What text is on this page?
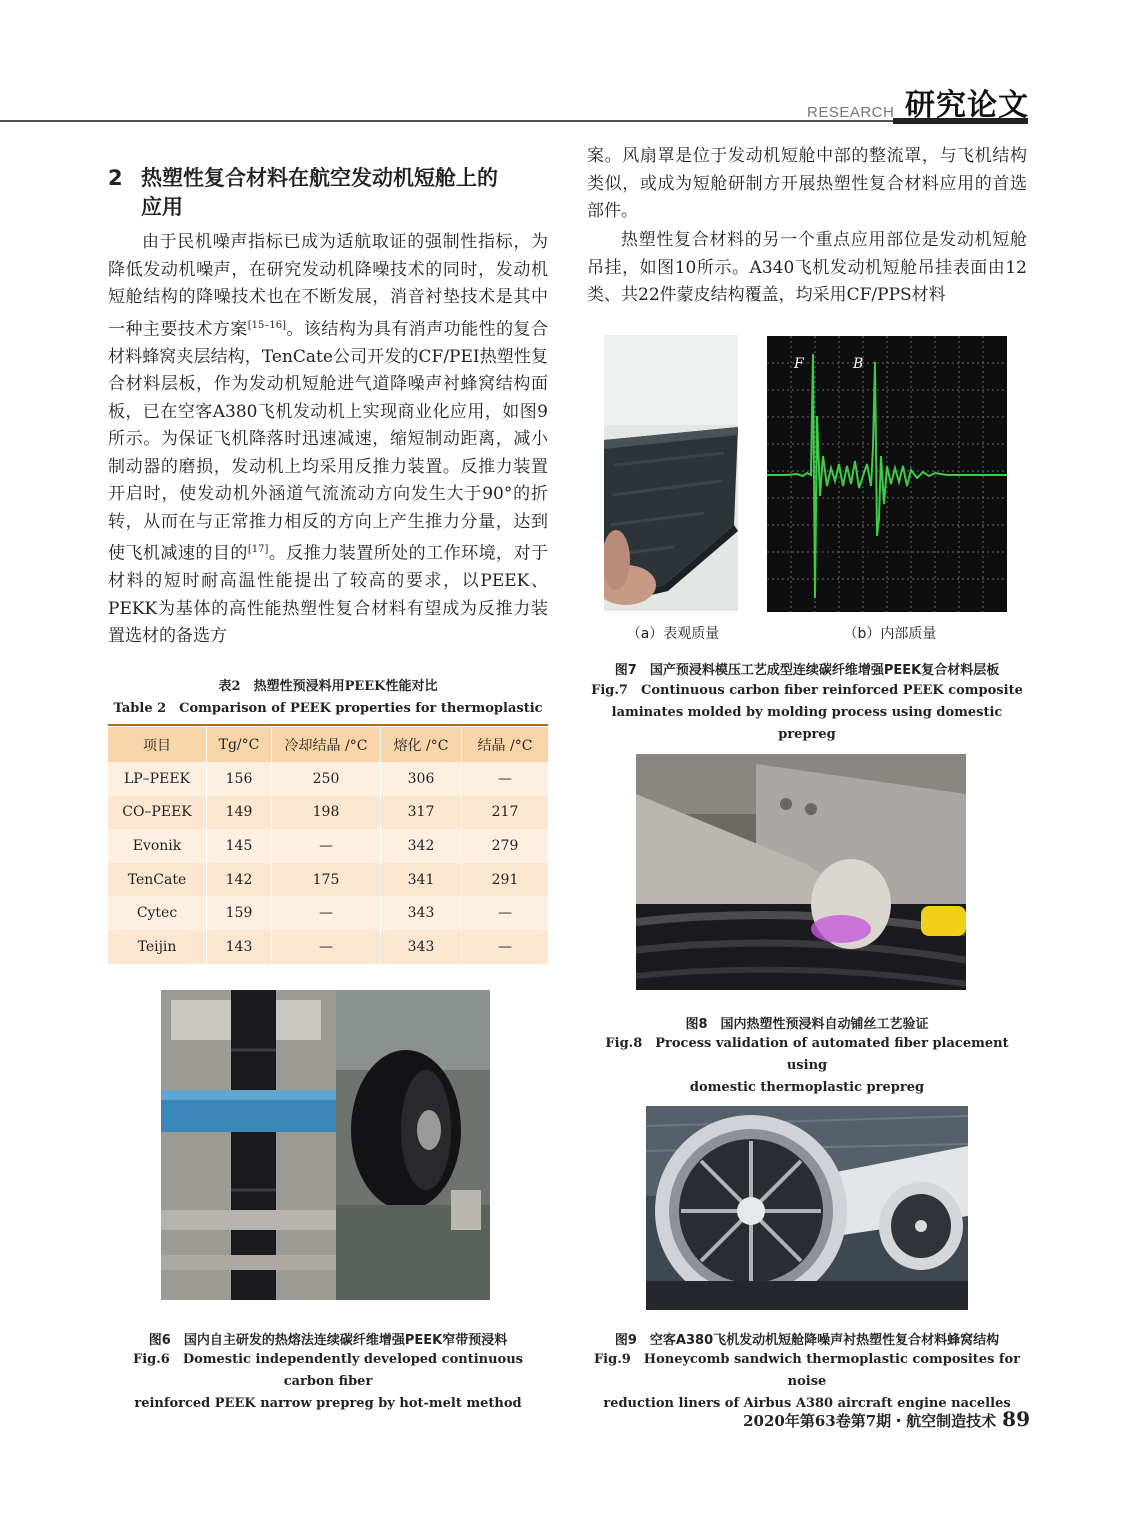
RESEARCH 研究论文
2 热塑性复合材料在航空发动机短舱上的
应用
由于民机噪声指标已成为适航取证的强制性指标，为降低发动机噪声，在研究发动机降噪技术的同时，发动机短舱结构的降噪技术也在不断发展，消音衬垫技术是其中一种主要技术方案[15–16]。该结构为具有消声功能性的复合材料蜂窝夹层结构，TenCate公司开发的CF/PEI热塑性复合材料层板，作为发动机短舱进气道降噪声衬蜂窝结构面板，已在空客A380飞机发动机上实现商业化应用，如图9所示。为保证飞机降落时迅速减速，缩短制动距离，减小制动器的磨损，发动机上均采用反推力装置。反推力装置开启时，使发动机外涵道气流流动方向发生大于90°的折转，从而在与正常推力相反的方向上产生推力分量，达到使飞机减速的目的[17]。反推力装置所处的工作环境，对于材料的短时耐高温性能提出了较高的要求，以PEEK、PEKK为基体的高性能热塑性复合材料有望成为反推力装置选材的备选方
案。风扇罩是位于发动机短舱中部的整流罩，与飞机结构类似，或成为短舱研制方开展热塑性复合材料应用的首选部件。
热塑性复合材料的另一个重点应用部位是发动机短舱吊挂，如图10所示。A340飞机发动机短舱吊挂表面由12类、共22件蒙皮结构覆盖，均采用CF/PPS材料
表2　热塑性预浸料用PEEK性能对比
Table 2　Comparison of PEEK properties for thermoplastic
项目	Tg/°C	冷却结晶 /°C	熔化 /°C	结晶 /°C
LP–PEEK	156	250	306	—
CO–PEEK	149	198	317	217
Evonik	145	—	342	279
TenCate	142	175	341	291
Cytec	159	—	343	—
Teijin	143	—	343	—
F	B
（a）表观质量	（b）内部质量
图7　国产预浸料模压工艺成型连续碳纤维增强PEEK复合材料层板
Fig.7　Continuous carbon fiber reinforced PEEK composite
laminates molded by molding process using domestic prepreg
图8　国内热塑性预浸料自动铺丝工艺验证
Fig.8　Process validation of automated fiber placement using
domestic thermoplastic prepreg
图6　国内自主研发的热熔法连续碳纤维增强PEEK窄带预浸料
Fig.6　Domestic independently developed continuous carbon fiber
reinforced PEEK narrow prepreg by hot-melt method
图9　空客A380飞机发动机短舱降噪声衬热塑性复合材料蜂窝结构
Fig.9　Honeycomb sandwich thermoplastic composites for noise
reduction liners of Airbus A380 aircraft engine nacelles
2020年第63卷第7期・航空制造技术 89
